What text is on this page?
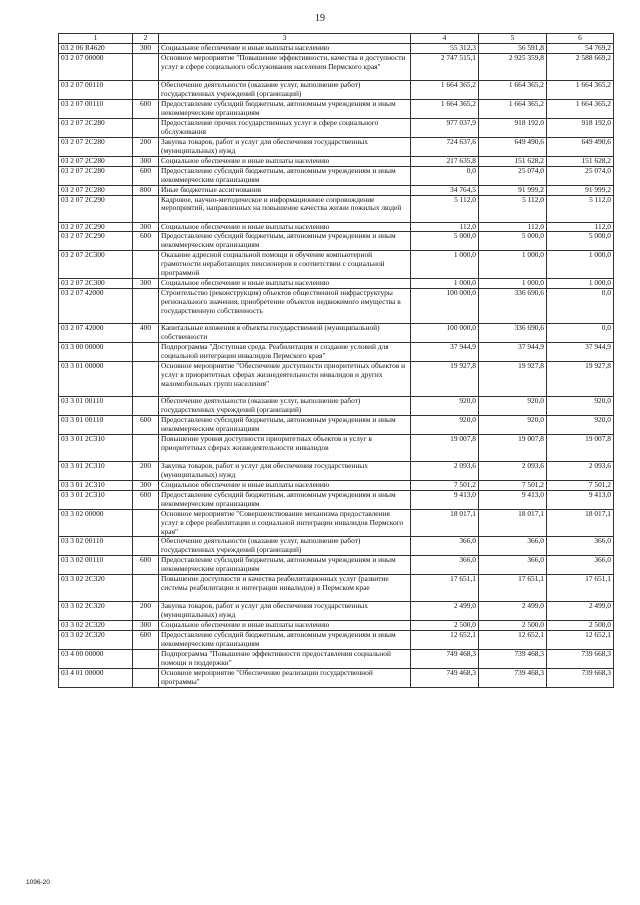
19
1	2	3	4	5	6
03 2 06 R4620	300	Социальное обеспечение и иные выплаты населению	55 312,3	56 591,8	54 769,2
03 2 07 00000		Основное мероприятие "Повышение эффективности, качества и доступности услуг в сфере социального обслуживания населения Пермского края"	2 747 515,1	2 925 359,8	2 588 669,2
03 2 07 00110		Обеспечение деятельности (оказание услуг, выполнение работ) государственных учреждений (организаций)	1 664 365,2	1 664 365,2	1 664 365,2
03 2 07 00110	600	Предоставление субсидий бюджетным, автономным учреждениям и иным некоммерческим организациям	1 664 365,2	1 664 365,2	1 664 365,2
03 2 07 2С280		Предоставление прочих государственных услуг в сфере социального обслуживания	977 037,9	918 192,0	918 192,0
03 2 07 2С280	200	Закупка товаров, работ и услуг для обеспечения государственных (муниципальных) нужд	724 637,6	649 490,6	649 490,6
03 2 07 2С280	300	Социальное обеспечение и иные выплаты населению	217 635,8	151 628,2	151 628,2
03 2 07 2С280	600	Предоставление субсидий бюджетным, автономным учреждениям и иным некоммерческим организациям	0,0	25 074,0	25 074,0
03 2 07 2С280	800	Иные бюджетные ассигнования	34 764,5	91 999,2	91 999,2
03 2 07 2С290		Кадровое, научно-методическое и информационное сопровождение мероприятий, направленных на повышение качества жизни пожилых людей	5 112,0	5 112,0	5 112,0
03 2 07 2С290	300	Социальное обеспечение и иные выплаты населению	112,0	112,0	112,0
03 2 07 2С290	600	Предоставление субсидий бюджетным, автономным учреждениям и иным некоммерческим организациям	5 000,0	5 000,0	5 000,0
03 2 07 2С300		Оказание адресной социальной помощи и обучение компьютерной грамотности неработающих пенсионеров в соответствии с социальной программой	1 000,0	1 000,0	1 000,0
03 2 07 2С300	300	Социальное обеспечение и иные выплаты населению	1 000,0	1 000,0	1 000,0
03 2 07 42000		Строительство (реконструкция) объектов общественной инфраструктуры регионального значения, приобретение объектов недвижимого имущества в государственную собственность	100 000,0	336 690,6	0,0
03 2 07 42000	400	Капитальные вложения в объекты государственной (муниципальной) собственности	100 000,0	336 690,6	0,0
03 3 00 00000		Подпрограмма "Доступная среда. Реабилитация и создание условий для социальной интеграции инвалидов Пермского края"	37 944,9	37 944,9	37 944,9
03 3 01 00000		Основное мероприятие "Обеспечение доступности приоритетных объектов и услуг в приоритетных сферах жизнедеятельности инвалидов и других маломобильных групп населения"	19 927,8	19 927,8	19 927,8
03 3 01 00110		Обеспечение деятельности (оказание услуг, выполнение работ) государственных учреждений (организаций)	920,0	920,0	920,0
03 3 01 00110	600	Предоставление субсидий бюджетным, автономным учреждениям и иным некоммерческим организациям	920,0	920,0	920,0
03 3 01 2С310		Повышение уровня доступности приоритетных объектов и услуг в приоритетных сферах жизнедеятельности инвалидов	19 007,8	19 007,8	19 007,8
03 3 01 2С310	200	Закупка товаров, работ и услуг для обеспечения государственных (муниципальных) нужд	2 093,6	2 093,6	2 093,6
03 3 01 2С310	300	Социальное обеспечение и иные выплаты населению	7 501,2	7 501,2	7 501,2
03 3 01 2С310	600	Предоставление субсидий бюджетным, автономным учреждениям и иным некоммерческим организациям	9 413,0	9 413,0	9 413,0
03 3 02 00000		Основное мероприятие "Совершенствование механизма предоставления услуг в сфере реабилитации и социальной интеграции инвалидов Пермского края"	18 017,1	18 017,1	18 017,1
03 3 02 00110		Обеспечение деятельности (оказание услуг, выполнение работ) государственных учреждений (организаций)	366,0	366,0	366,0
03 3 02 00110	600	Предоставление субсидий бюджетным, автономным учреждениям и иным некоммерческим организациям	366,0	366,0	366,0
03 3 02 2С320		Повышение доступности и качества реабилитационных услуг (развитие системы реабилитации и интеграции инвалидов) в Пермском крае	17 651,1	17 651,1	17 651,1
03 3 02 2С320	200	Закупка товаров, работ и услуг для обеспечения государственных (муниципальных) нужд	2 499,0	2 499,0	2 499,0
03 3 02 2С320	300	Социальное обеспечение и иные выплаты населению	2 500,0	2 500,0	2 500,0
03 3 02 2С320	600	Предоставление субсидий бюджетным, автономным учреждениям и иным некоммерческим организациям	12 652,1	12 652,1	12 652,1
03 4 00 00000		Подпрограмма "Повышение эффективности предоставления социальной помощи и поддержки"	749 468,3	739 468,3	739 668,3
03 4 01 00000		Основное мероприятие "Обеспечение реализации государственной программы"	749 468,3	739 468,3	739 668,3
1096-20
